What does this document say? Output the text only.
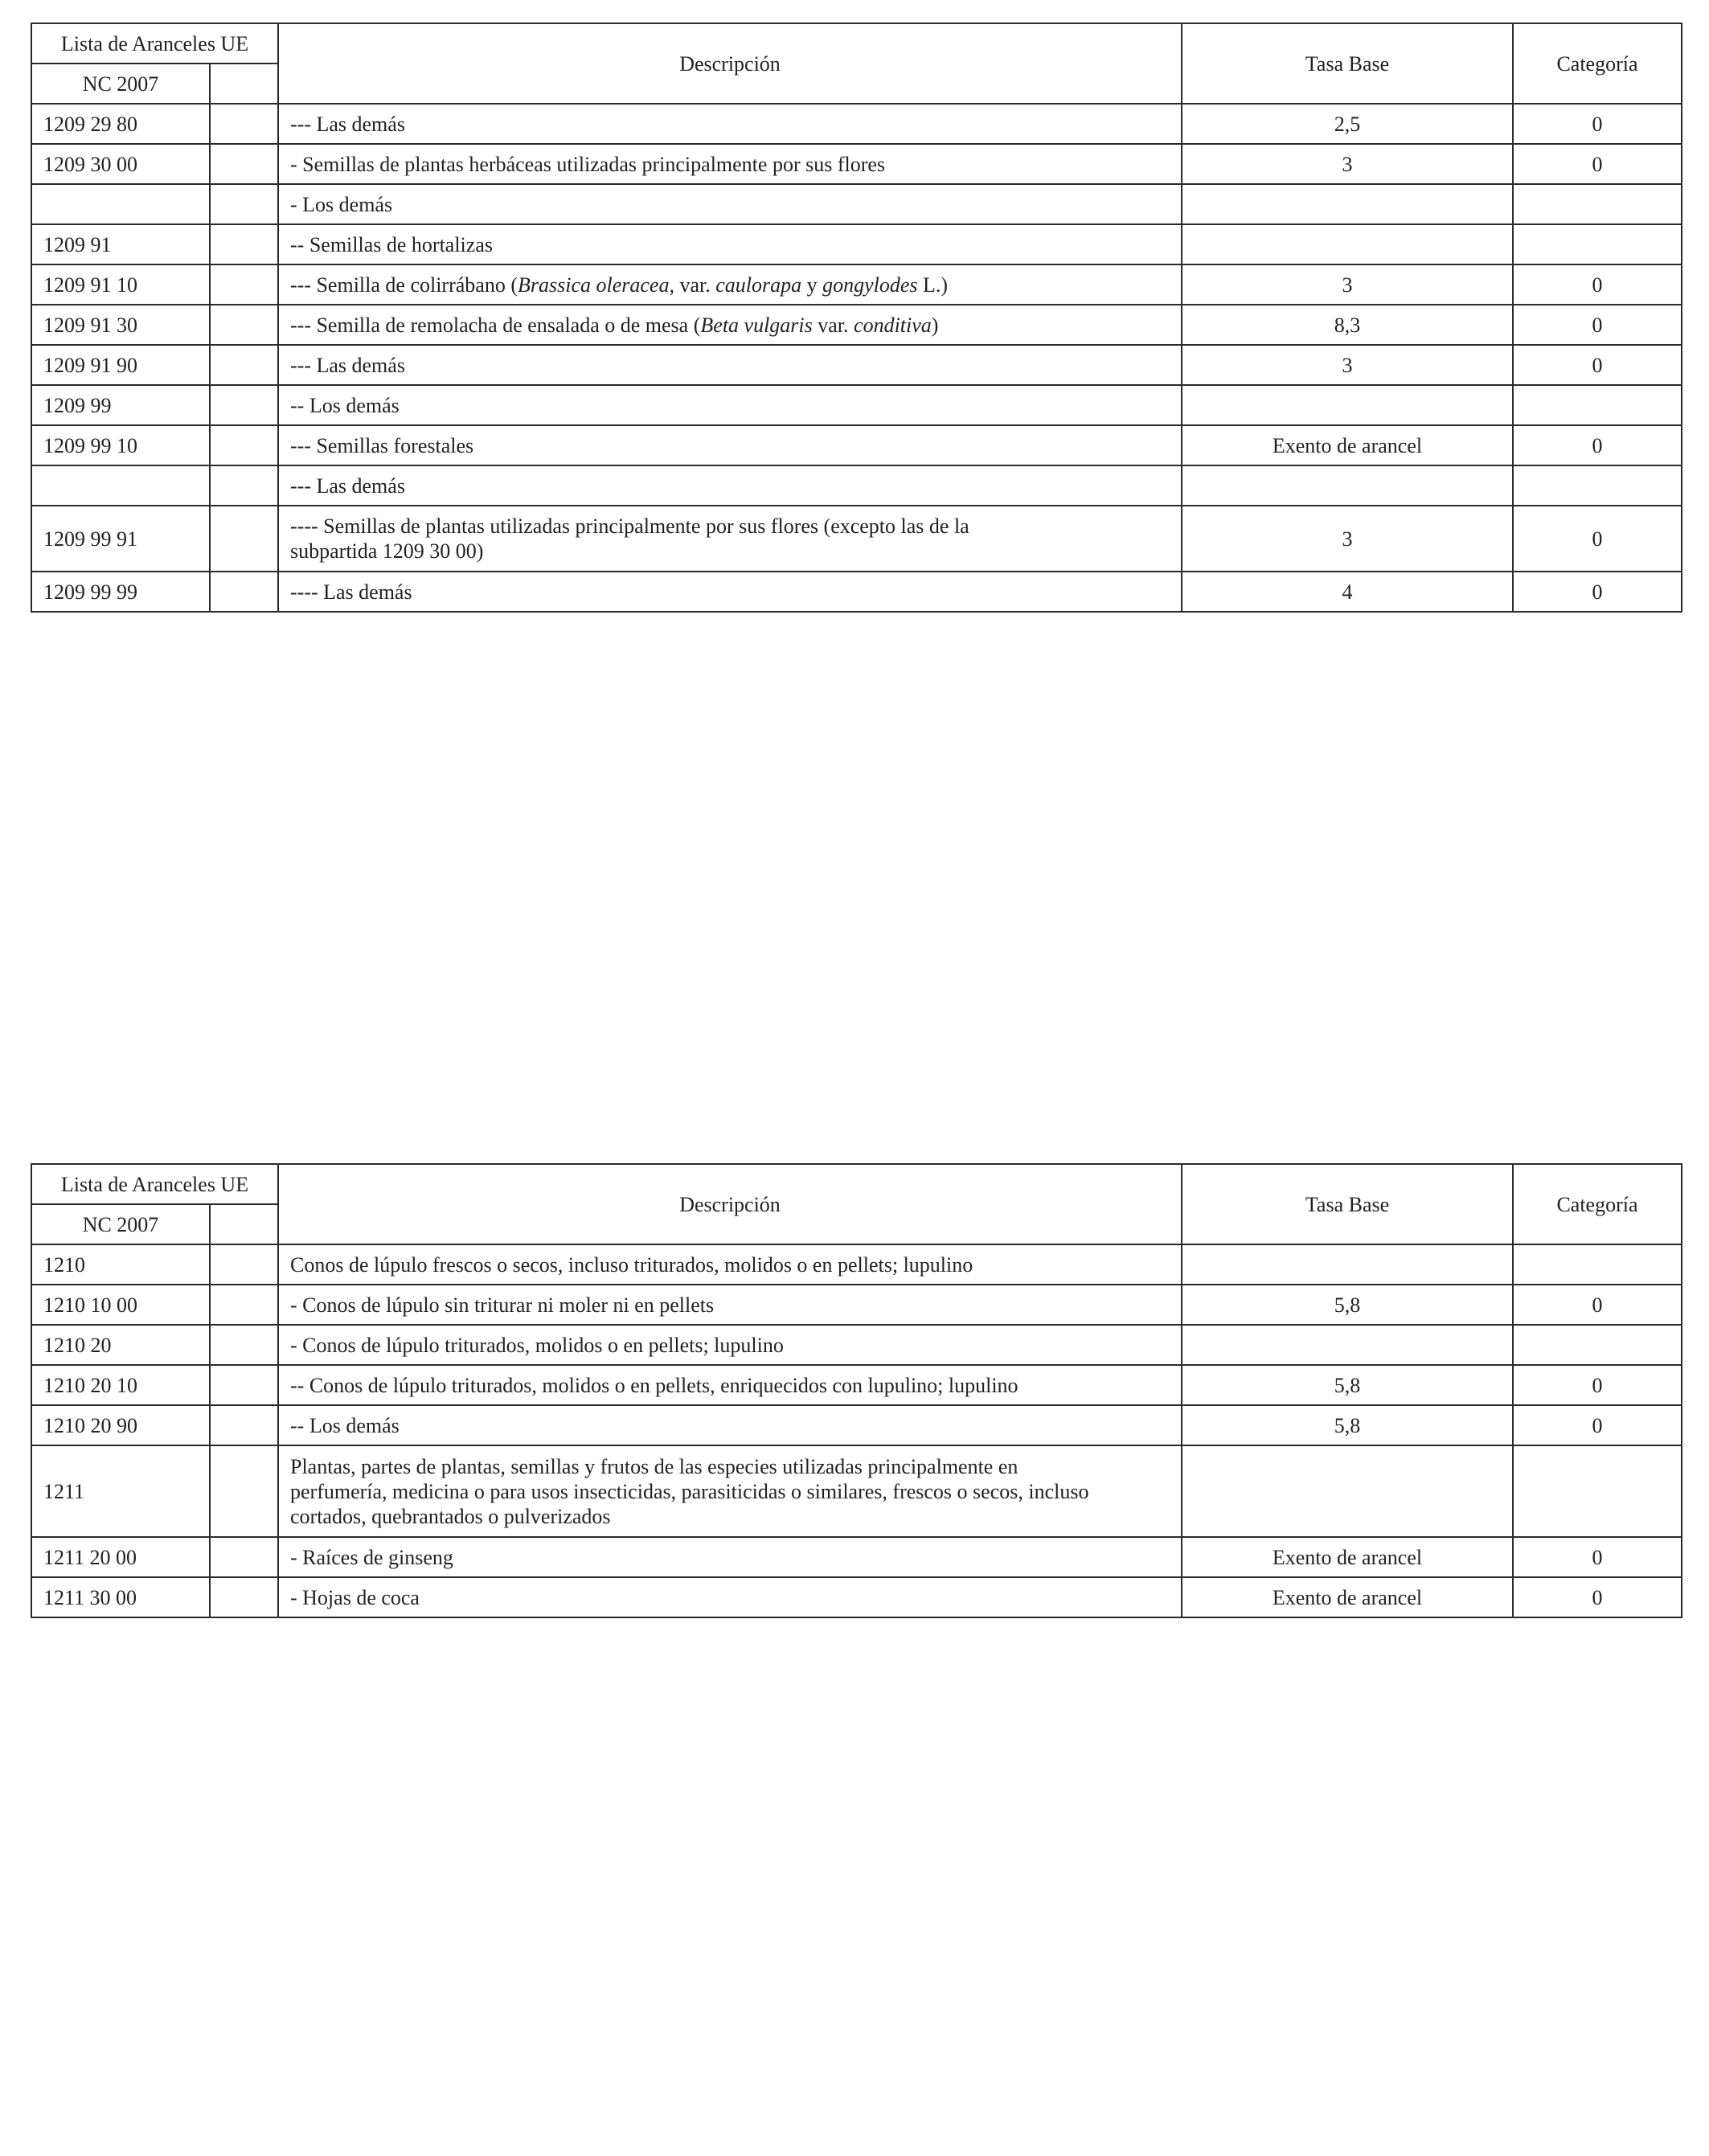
Lista de Aranceles UE		Descripción	Tasa Base	Categoría
NC 2007				
1209 29 80		--- Las demás	2,5	0
1209 30 00		- Semillas de plantas herbáceas utilizadas principalmente por sus flores	3	0
		- Los demás		
1209 91		-- Semillas de hortalizas		
1209 91 10		--- Semilla de colirrábano (Brassica oleracea, var. caulorapa y gongylodes L.)	3	0
1209 91 30		--- Semilla de remolacha de ensalada o de mesa (Beta vulgaris var. conditiva)	8,3	0
1209 91 90		--- Las demás	3	0
1209 99		-- Los demás		
1209 99 10		--- Semillas forestales	Exento de arancel	0
		--- Las demás		
1209 99 91		---- Semillas de plantas utilizadas principalmente por sus flores (excepto las de la
subpartida 1209 30 00)	3	0
1209 99 99		---- Las demás	4	0
Lista de Aranceles UE		Descripción	Tasa Base	Categoría
NC 2007				
1210		Conos de lúpulo frescos o secos, incluso triturados, molidos o en pellets; lupulino		
1210 10 00		- Conos de lúpulo sin triturar ni moler ni en pellets	5,8	0
1210 20		- Conos de lúpulo triturados, molidos o en pellets; lupulino		
1210 20 10		-- Conos de lúpulo triturados, molidos o en pellets, enriquecidos con lupulino; lupulino	5,8	0
1210 20 90		-- Los demás	5,8	0
1211		Plantas, partes de plantas, semillas y frutos de las especies utilizadas principalmente en
perfumería, medicina o para usos insecticidas, parasiticidas o similares, frescos o secos, incluso
cortados, quebrantados o pulverizados		

1211 20 00		- Raíces de ginseng	Exento de arancel	0
1211 30 00		- Hojas de coca	Exento de arancel	0
